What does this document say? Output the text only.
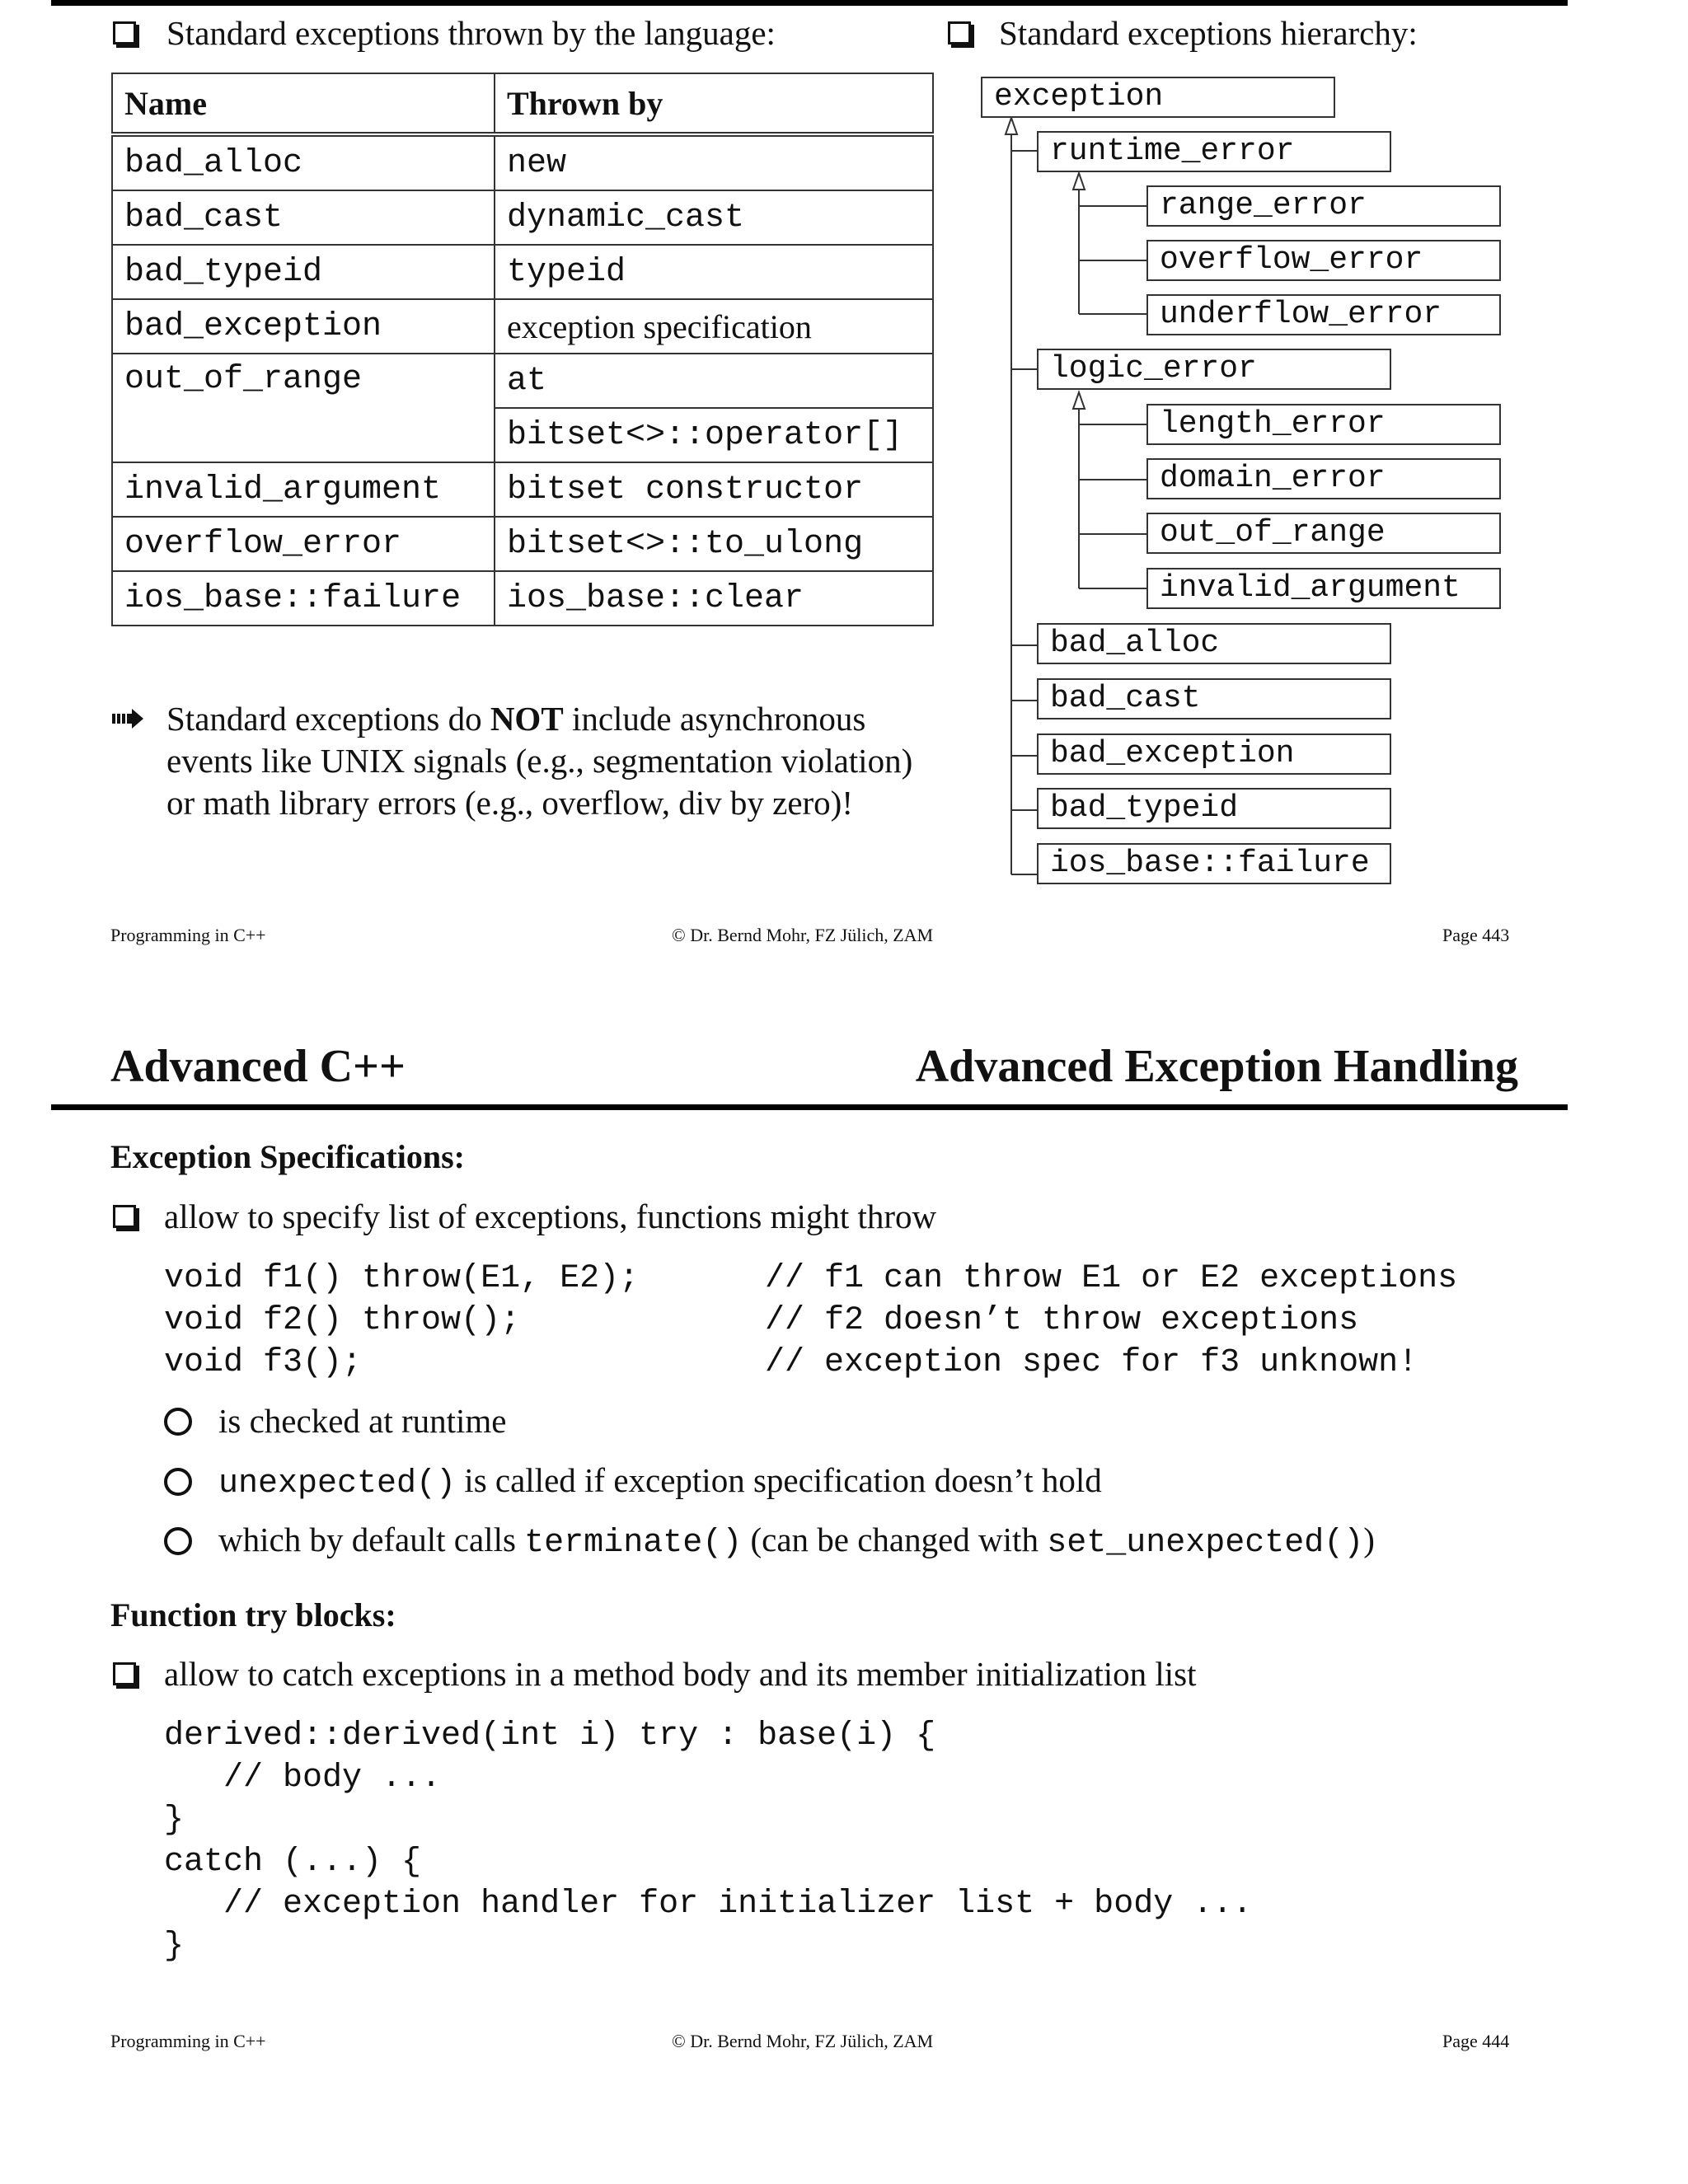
Standard exceptions thrown by the language:	Standard exceptions hierarchy:
Name	Thrown by
bad_alloc	new
bad_cast	dynamic_cast
bad_typeid	typeid
bad_exception	exception specification
out_of_range	at
	bitset<>::operator[]
invalid_argument	bitset constructor
overflow_error	bitset<>::to_ulong
ios_base::failure	ios_base::clear
Standard exceptions do NOT include asynchronous
events like UNIX signals (e.g., segmentation violation)
or math library errors (e.g., overflow, div by zero)!
exception
runtime_error
range_error
overflow_error
underflow_error
logic_error
length_error
domain_error
out_of_range
invalid_argument
bad_alloc
bad_cast
bad_exception
bad_typeid
ios_base::failure
Programming in C++	© Dr. Bernd Mohr, FZ Jülich, ZAM	Page 443
Advanced C++	Advanced Exception Handling
Exception Specifications:
allow to specify list of exceptions, functions might throw
void f1() throw(E1, E2);	// f1 can throw E1 or E2 exceptions
void f2() throw();	// f2 doesn’t throw exceptions
void f3();	// exception spec for f3 unknown!
is checked at runtime
unexpected() is called if exception specification doesn’t hold
which by default calls terminate() (can be changed with set_unexpected())
Function try blocks:
allow to catch exceptions in a method body and its member initialization list
derived::derived(int i) try : base(i) {
// body ...
}
catch (...) {
// exception handler for initializer list + body ...
}
Programming in C++	© Dr. Bernd Mohr, FZ Jülich, ZAM	Page 444
